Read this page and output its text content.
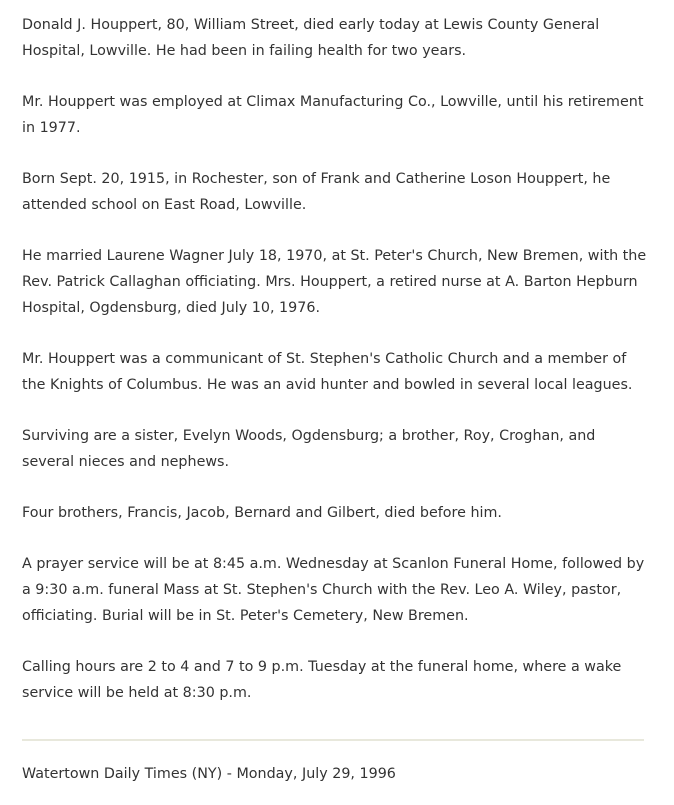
Donald J. Houppert, 80, William Street, died early today at Lewis County General Hospital, Lowville. He had been in failing health for two years.

Mr. Houppert was employed at Climax Manufacturing Co., Lowville, until his retirement in 1977.

Born Sept. 20, 1915, in Rochester, son of Frank and Catherine Loson Houppert, he attended school on East Road, Lowville.

He married Laurene Wagner July 18, 1970, at St. Peter's Church, New Bremen, with the Rev. Patrick Callaghan officiating. Mrs. Houppert, a retired nurse at A. Barton Hepburn Hospital, Ogdensburg, died July 10, 1976.

Mr. Houppert was a communicant of St. Stephen's Catholic Church and a member of the Knights of Columbus. He was an avid hunter and bowled in several local leagues.

Surviving are a sister, Evelyn Woods, Ogdensburg; a brother, Roy, Croghan, and several nieces and nephews.

Four brothers, Francis, Jacob, Bernard and Gilbert, died before him.

A prayer service will be at 8:45 a.m. Wednesday at Scanlon Funeral Home, followed by a 9:30 a.m. funeral Mass at St. Stephen's Church with the Rev. Leo A. Wiley, pastor, officiating. Burial will be in St. Peter's Cemetery, New Bremen.

Calling hours are 2 to 4 and 7 to 9 p.m. Tuesday at the funeral home, where a wake service will be held at 8:30 p.m.

Watertown Daily Times (NY) - Monday, July 29, 1996
